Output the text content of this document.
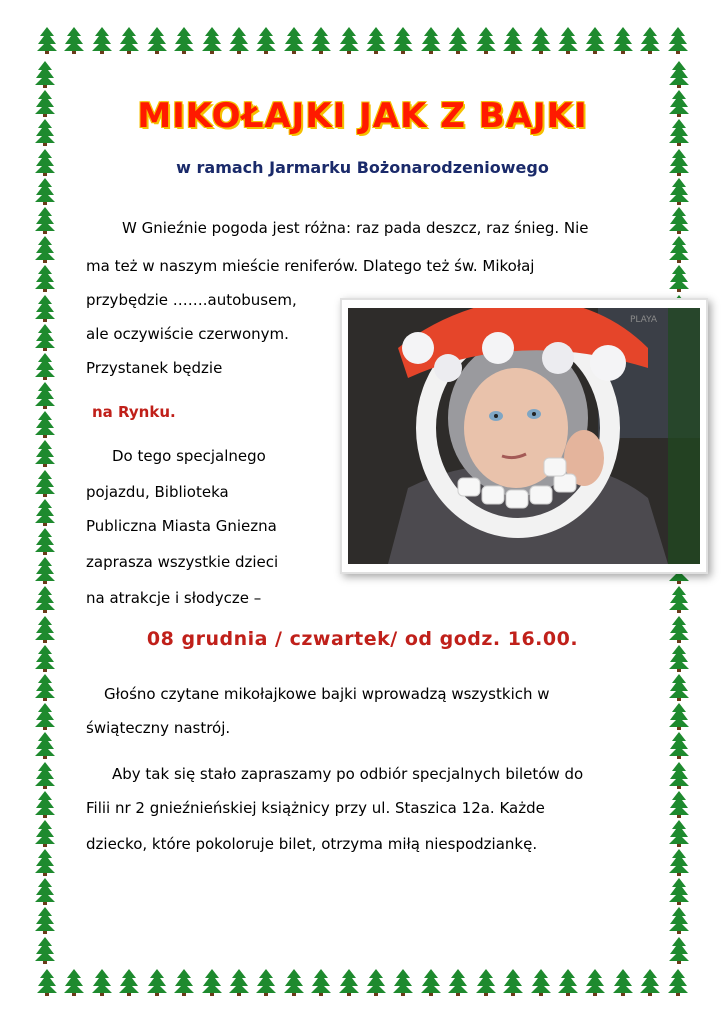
MIKOŁAJKI JAK Z BAJKI
w ramach Jarmarku Bożonarodzeniowego
W Gnieźnie pogoda jest różna: raz pada deszcz, raz śnieg. Nie
ma też w naszym mieście reniferów. Dlatego też św. Mikołaj
przybędzie …….autobusem,
ale oczywiście czerwonym.
Przystanek będzie
na Rynku.
Do tego specjalnego
pojazdu, Biblioteka
Publiczna Miasta Gniezna
zaprasza wszystkie dzieci
na atrakcje i słodycze –
08 grudnia / czwartek/ od godz. 16.00.
Głośno czytane mikołajkowe bajki wprowadzą wszystkich w
świąteczny nastrój.
Aby tak się stało zapraszamy po odbiór specjalnych biletów do
Filii nr 2 gnieźnieńskiej książnicy przy ul. Staszica 12a. Każde
dziecko, które pokoloruje bilet, otrzyma miłą niespodziankę.
PLAYA
